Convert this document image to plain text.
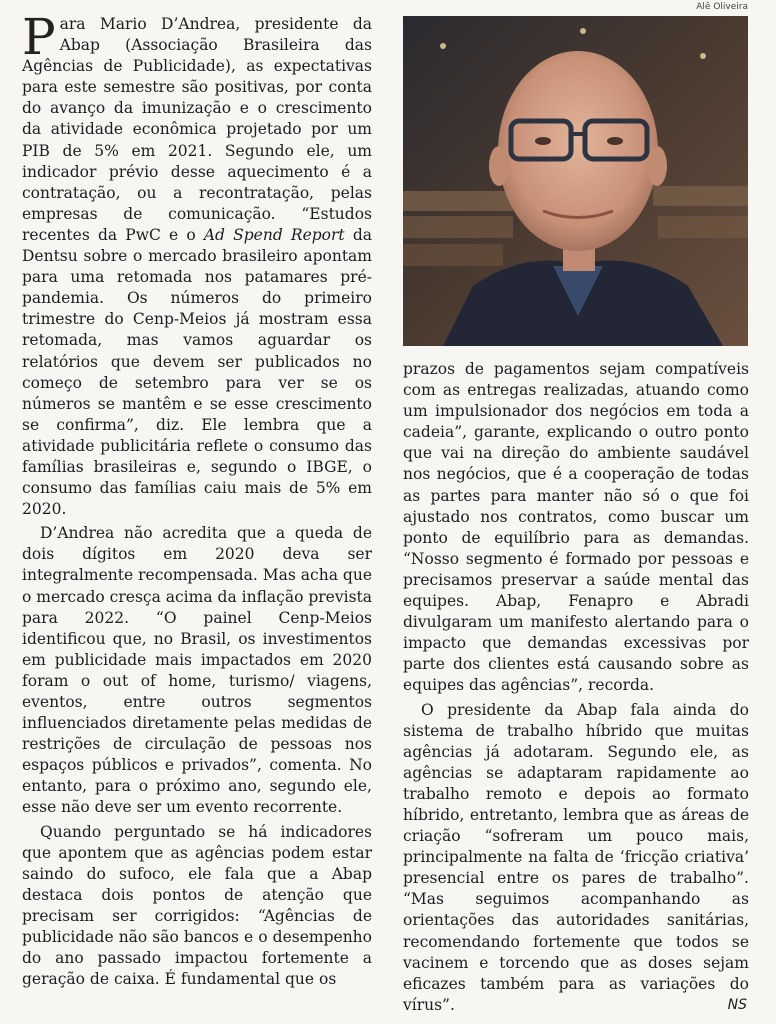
Alê Oliveira

Para Mario D’Andrea, presidente da Abap (Associação Brasileira das Agências de Publicidade), as expectativas para este semestre são positivas, por conta do avanço da imunização e o crescimento da atividade econômica projetado por um PIB de 5% em 2021. Segundo ele, um indicador prévio desse aquecimento é a contratação, ou a recontratação, pelas empresas de comunicação. “Estudos recentes da PwC e o Ad Spend Report da Dentsu sobre o mercado brasileiro apontam para uma retomada nos patamares pré-pandemia. Os números do primeiro trimestre do Cenp-Meios já mostram essa retomada, mas vamos aguardar os relatórios que devem ser publicados no começo de setembro para ver se os números se mantêm e se esse crescimento se confirma”, diz. Ele lembra que a atividade publicitária reflete o consumo das famílias brasileiras e, segundo o IBGE, o consumo das famílias caiu mais de 5% em 2020.

D’Andrea não acredita que a queda de dois dígitos em 2020 deva ser integralmente recompensada. Mas acha que o mercado cresça acima da inflação prevista para 2022. “O painel Cenp-Meios identificou que, no Brasil, os investimentos em publicidade mais impactados em 2020 foram o out of home, turismo/ viagens, eventos, entre outros segmentos influenciados diretamente pelas medidas de restrições de circulação de pessoas nos espaços públicos e privados”, comenta. No entanto, para o próximo ano, segundo ele, esse não deve ser um evento recorrente.

Quando perguntado se há indicadores que apontem que as agências podem estar saindo do sufoco, ele fala que a Abap destaca dois pontos de atenção que precisam ser corrigidos: “Agências de publicidade não são bancos e o desempenho do ano passado impactou fortemente a geração de caixa. É fundamental que os

prazos de pagamentos sejam compatíveis com as entregas realizadas, atuando como um impulsionador dos negócios em toda a cadeia”, garante, explicando o outro ponto que vai na direção do ambiente saudável nos negócios, que é a cooperação de todas as partes para manter não só o que foi ajustado nos contratos, como buscar um ponto de equilíbrio para as demandas. “Nosso segmento é formado por pessoas e precisamos preservar a saúde mental das equipes. Abap, Fenapro e Abradi divulgaram um manifesto alertando para o impacto que demandas excessivas por parte dos clientes está causando sobre as equipes das agências”, recorda.

O presidente da Abap fala ainda do sistema de trabalho híbrido que muitas agências já adotaram. Segundo ele, as agências se adaptaram rapidamente ao trabalho remoto e depois ao formato híbrido, entretanto, lembra que as áreas de criação “sofreram um pouco mais, principalmente na falta de ‘fricção criativa’ presencial entre os pares de trabalho”. “Mas seguimos acompanhando as orientações das autoridades sanitárias, recomendando fortemente que todos se vacinem e torcendo que as doses sejam eficazes também para as variações do vírus”.	NS
